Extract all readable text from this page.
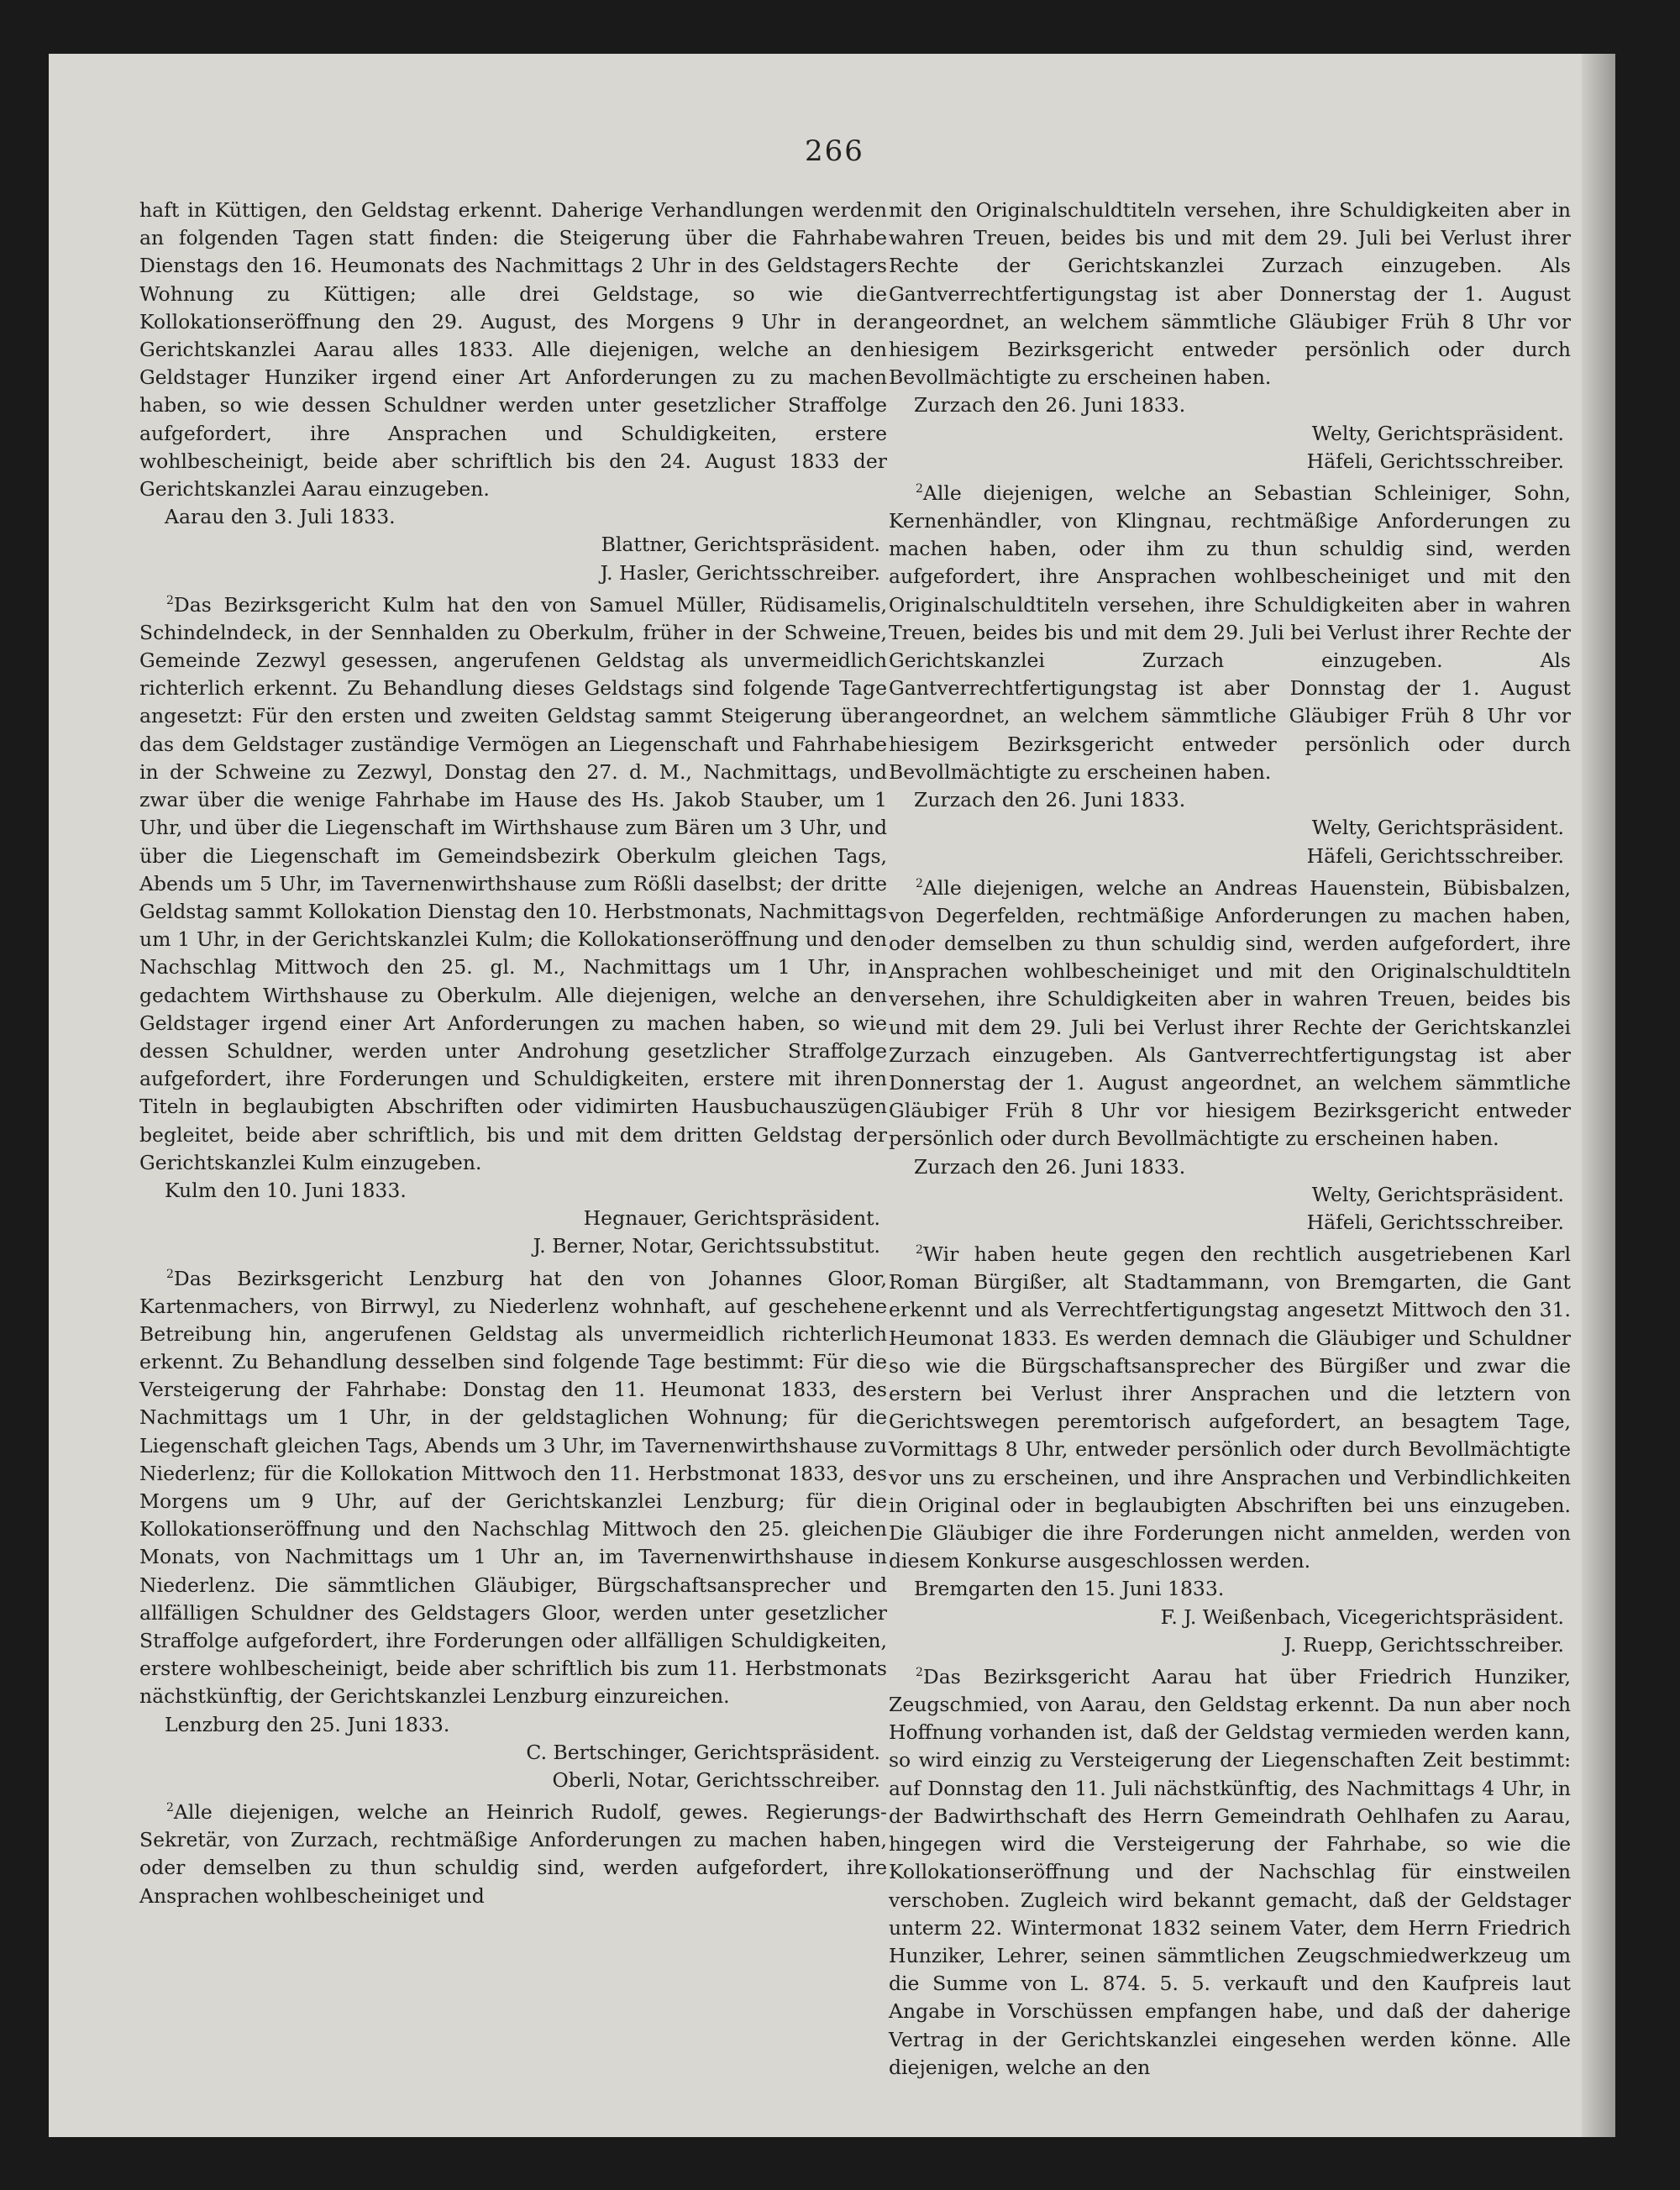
266

haft in Küttigen, den Geldstag erkennt. Daherige Verhandlungen werden an folgenden Tagen statt finden: die Steigerung über die Fahrhabe Dienstags den 16. Heumonats des Nachmittags 2 Uhr in des Geldstagers Wohnung zu Küttigen; alle drei Geldstage, so wie die Kollokationseröffnung den 29. August, des Morgens 9 Uhr in der Gerichtskanzlei Aarau alles 1833. Alle diejenigen, welche an den Geldstager Hunziker irgend einer Art Anforderungen zu zu machen haben, so wie dessen Schuldner werden unter gesetzlicher Straffolge aufgefordert, ihre Ansprachen und Schuldigkeiten, erstere wohlbescheinigt, beide aber schriftlich bis den 24. August 1833 der Gerichtskanzlei Aarau einzugeben.

Aarau den 3. Juli 1833.

Blattner, Gerichtspräsident.

J. Hasler, Gerichtsschreiber.

$^2$Das Bezirksgericht Kulm hat den von Samuel Müller, Rüdisamelis, Schindelndeck, in der Sennhalden zu Oberkulm, früher in der Schweine, Gemeinde Zezwyl gesessen, angerufenen Geldstag als unvermeidlich richterlich erkennt. Zu Behandlung dieses Geldstags sind folgende Tage angesetzt: Für den ersten und zweiten Geldstag sammt Steigerung über das dem Geldstager zuständige Vermögen an Liegenschaft und Fahrhabe in der Schweine zu Zezwyl, Donstag den 27. d. M., Nachmittags, und zwar über die wenige Fahrhabe im Hause des Hs. Jakob Stauber, um 1 Uhr, und über die Liegenschaft im Wirthshause zum Bären um 3 Uhr, und über die Liegenschaft im Gemeindsbezirk Oberkulm gleichen Tags, Abends um 5 Uhr, im Tavernenwirthshause zum Rößli daselbst; der dritte Geldstag sammt Kollokation Dienstag den 10. Herbstmonats, Nachmittags um 1 Uhr, in der Gerichtskanzlei Kulm; die Kollokationseröffnung und den Nachschlag Mittwoch den 25. gl. M., Nachmittags um 1 Uhr, in gedachtem Wirthshause zu Oberkulm. Alle diejenigen, welche an den Geldstager irgend einer Art Anforderungen zu machen haben, so wie dessen Schuldner, werden unter Androhung gesetzlicher Straffolge aufgefordert, ihre Forderungen und Schuldigkeiten, erstere mit ihren Titeln in beglaubigten Abschriften oder vidimirten Hausbuchauszügen begleitet, beide aber schriftlich, bis und mit dem dritten Geldstag der Gerichtskanzlei Kulm einzugeben.

Kulm den 10. Juni 1833.

Hegnauer, Gerichtspräsident.

J. Berner, Notar, Gerichtssubstitut.

$^2$Das Bezirksgericht Lenzburg hat den von Johannes Gloor, Kartenmachers, von Birrwyl, zu Niederlenz wohnhaft, auf geschehene Betreibung hin, angerufenen Geldstag als unvermeidlich richterlich erkennt. Zu Behandlung desselben sind folgende Tage bestimmt: Für die Versteigerung der Fahrhabe: Donstag den 11. Heumonat 1833, des Nachmittags um 1 Uhr, in der geldstaglichen Wohnung; für die Liegenschaft gleichen Tags, Abends um 3 Uhr, im Tavernenwirthshause zu Niederlenz; für die Kollokation Mittwoch den 11. Herbstmonat 1833, des Morgens um 9 Uhr, auf der Gerichtskanzlei Lenzburg; für die Kollokationseröffnung und den Nachschlag Mittwoch den 25. gleichen Monats, von Nachmittags um 1 Uhr an, im Tavernenwirthshause in Niederlenz. Die sämmtlichen Gläubiger, Bürgschaftsansprecher und allfälligen Schuldner des Geldstagers Gloor, werden unter gesetzlicher Straffolge aufgefordert, ihre Forderungen oder allfälligen Schuldigkeiten, erstere wohlbescheinigt, beide aber schriftlich bis zum 11. Herbstmonats nächstkünftig, der Gerichtskanzlei Lenzburg einzureichen.

Lenzburg den 25. Juni 1833.

C. Bertschinger, Gerichtspräsident.

Oberli, Notar, Gerichtsschreiber.

$^2$Alle diejenigen, welche an Heinrich Rudolf, gewes. Regierungs-Sekretär, von Zurzach, rechtmäßige Anforderungen zu machen haben, oder demselben zu thun schuldig sind, werden aufgefordert, ihre Ansprachen wohlbescheiniget und

mit den Originalschuldtiteln versehen, ihre Schuldigkeiten aber in wahren Treuen, beides bis und mit dem 29. Juli bei Verlust ihrer Rechte der Gerichtskanzlei Zurzach einzugeben. Als Gantverrechtfertigungstag ist aber Donnerstag der 1. August angeordnet, an welchem sämmtliche Gläubiger Früh 8 Uhr vor hiesigem Bezirksgericht entweder persönlich oder durch Bevollmächtigte zu erscheinen haben.

Zurzach den 26. Juni 1833.

Welty, Gerichtspräsident.

Häfeli, Gerichtsschreiber.

$^2$Alle diejenigen, welche an Sebastian Schleiniger, Sohn, Kernenhändler, von Klingnau, rechtmäßige Anforderungen zu machen haben, oder ihm zu thun schuldig sind, werden aufgefordert, ihre Ansprachen wohlbescheiniget und mit den Originalschuldtiteln versehen, ihre Schuldigkeiten aber in wahren Treuen, beides bis und mit dem 29. Juli bei Verlust ihrer Rechte der Gerichtskanzlei Zurzach einzugeben. Als Gantverrechtfertigungstag ist aber Donnstag der 1. August angeordnet, an welchem sämmtliche Gläubiger Früh 8 Uhr vor hiesigem Bezirksgericht entweder persönlich oder durch Bevollmächtigte zu erscheinen haben.

Zurzach den 26. Juni 1833.

Welty, Gerichtspräsident.

Häfeli, Gerichtsschreiber.

$^2$Alle diejenigen, welche an Andreas Hauenstein, Bübisbalzen, von Degerfelden, rechtmäßige Anforderungen zu machen haben, oder demselben zu thun schuldig sind, werden aufgefordert, ihre Ansprachen wohlbescheiniget und mit den Originalschuldtiteln versehen, ihre Schuldigkeiten aber in wahren Treuen, beides bis und mit dem 29. Juli bei Verlust ihrer Rechte der Gerichtskanzlei Zurzach einzugeben. Als Gantverrechtfertigungstag ist aber Donnerstag der 1. August angeordnet, an welchem sämmtliche Gläubiger Früh 8 Uhr vor hiesigem Bezirksgericht entweder persönlich oder durch Bevollmächtigte zu erscheinen haben.

Zurzach den 26. Juni 1833.

Welty, Gerichtspräsident.

Häfeli, Gerichtsschreiber.

$^2$Wir haben heute gegen den rechtlich ausgetriebenen Karl Roman Bürgißer, alt Stadtammann, von Bremgarten, die Gant erkennt und als Verrechtfertigungstag angesetzt Mittwoch den 31. Heumonat 1833. Es werden demnach die Gläubiger und Schuldner so wie die Bürgschaftsansprecher des Bürgißer und zwar die erstern bei Verlust ihrer Ansprachen und die letztern von Gerichtswegen peremtorisch aufgefordert, an besagtem Tage, Vormittags 8 Uhr, entweder persönlich oder durch Bevollmächtigte vor uns zu erscheinen, und ihre Ansprachen und Verbindlichkeiten in Original oder in beglaubigten Abschriften bei uns einzugeben. Die Gläubiger die ihre Forderungen nicht anmelden, werden von diesem Konkurse ausgeschlossen werden.

Bremgarten den 15. Juni 1833.

F. J. Weißenbach, Vicegerichtspräsident.

J. Ruepp, Gerichtsschreiber.

$^2$Das Bezirksgericht Aarau hat über Friedrich Hunziker, Zeugschmied, von Aarau, den Geldstag erkennt. Da nun aber noch Hoffnung vorhanden ist, daß der Geldstag vermieden werden kann, so wird einzig zu Versteigerung der Liegenschaften Zeit bestimmt: auf Donnstag den 11. Juli nächstkünftig, des Nachmittags 4 Uhr, in der Badwirthschaft des Herrn Gemeindrath Oehlhafen zu Aarau, hingegen wird die Versteigerung der Fahrhabe, so wie die Kollokationseröffnung und der Nachschlag für einstweilen verschoben. Zugleich wird bekannt gemacht, daß der Geldstager unterm 22. Wintermonat 1832 seinem Vater, dem Herrn Friedrich Hunziker, Lehrer, seinen sämmtlichen Zeugschmiedwerkzeug um die Summe von L. 874. 5. 5. verkauft und den Kaufpreis laut Angabe in Vorschüssen empfangen habe, und daß der daherige Vertrag in der Gerichtskanzlei eingesehen werden könne. Alle diejenigen, welche an den
